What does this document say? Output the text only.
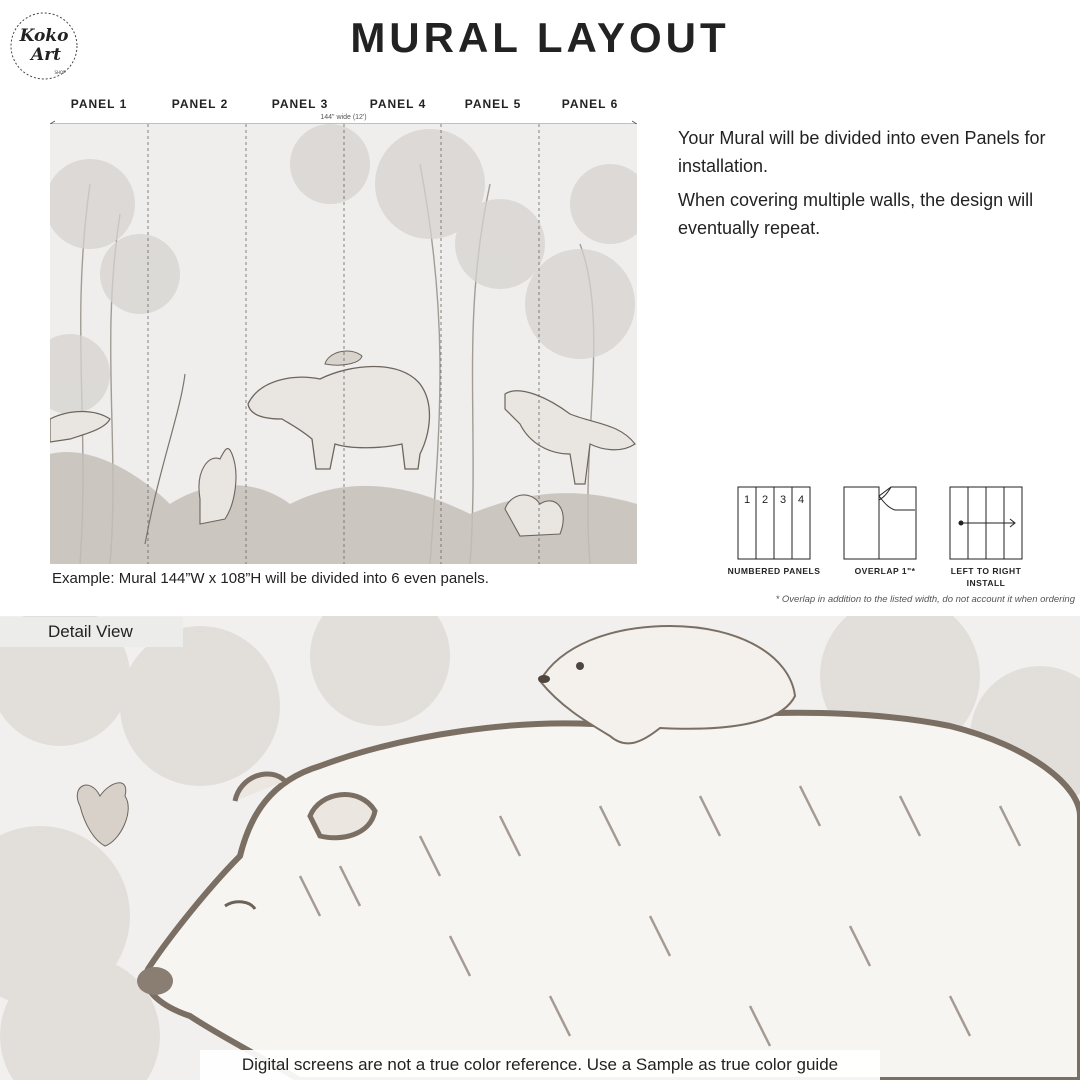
Koko
Art
SHOP
MURAL LAYOUT
PANEL 1	PANEL 2	PANEL 3	PANEL 4	PANEL 5	PANEL 6
144" wide (12')
Example: Mural 144”W x 108”H will be divided into 6 even panels.

Your Mural will be divided into even Panels for installation.

When covering multiple walls, the design will eventually repeat.

1 2 3 4
NUMBERED PANELS	OVERLAP 1"*	LEFT TO RIGHT INSTALL
* Overlap in addition to the listed width, do not account it when ordering
Detail View
Digital screens are not a true color reference. Use a Sample as true color guide
